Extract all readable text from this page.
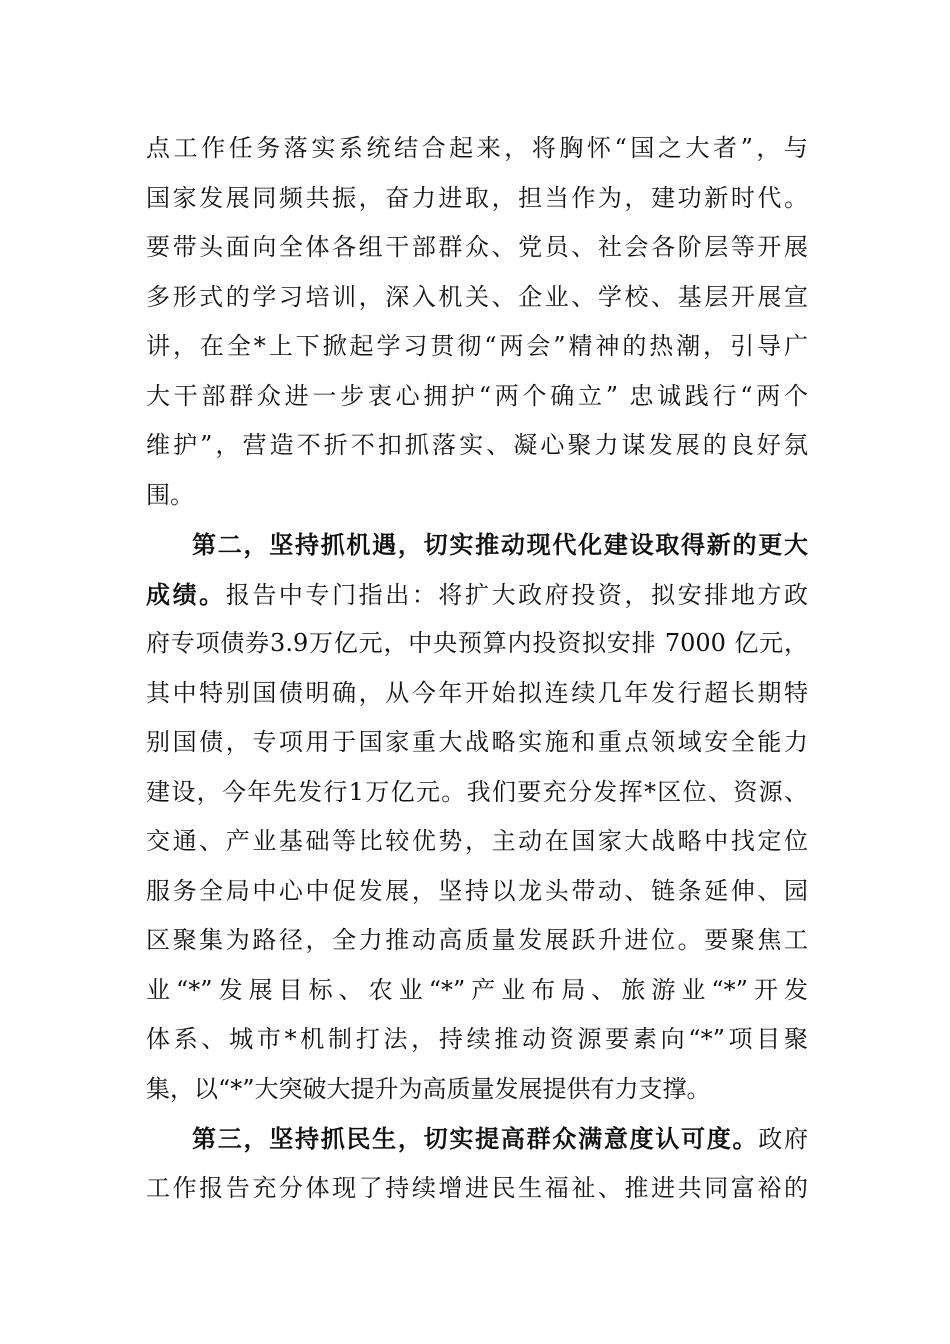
点工作任务落实系统结合起来，将胸怀“国之大者”，与
国家发展同频共振，奋力进取，担当作为，建功新时代。
要带头面向全体各组干部群众、党员、社会各阶层等开展
多形式的学习培训，深入机关、企业、学校、基层开展宣
讲，在全*上下掀起学习贯彻“两会”精神的热潮，引导广
大干部群众进一步衷心拥护“两个确立” 忠诚践行“两个
维护”，营造不折不扣抓落实、凝心聚力谋发展的良好氛
围。
第二，坚持抓机遇，切实推动现代化建设取得新的更大
成绩。报告中专门指出：将扩大政府投资，拟安排地方政
府专项债券3.9万亿元，中央预算内投资拟安排 7000 亿元，
其中特别国债明确，从今年开始拟连续几年发行超长期特
别国债，专项用于国家重大战略实施和重点领域安全能力
建设，今年先发行1万亿元。我们要充分发挥*区位、资源、
交通、产业基础等比较优势，主动在国家大战略中找定位
服务全局中心中促发展，坚持以龙头带动、链条延伸、园
区聚集为路径，全力推动高质量发展跃升进位。要聚焦工
业“*”发展目标、农业“*”产业布局、旅游业“*”开发
体系、城市*机制打法，持续推动资源要素向“*”项目聚
集，以“*”大突破大提升为高质量发展提供有力支撑。
第三，坚持抓民生，切实提高群众满意度认可度。政府
工作报告充分体现了持续增进民生福祉、推进共同富裕的
